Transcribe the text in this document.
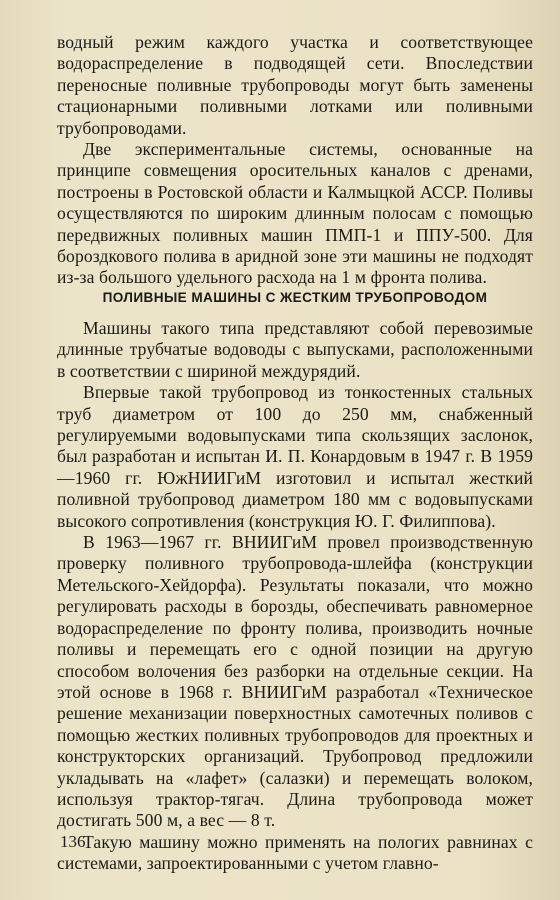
водный режим каждого участка и соответствующее водораспределение в подводящей сети. Впоследствии переносные поливные трубопроводы могут быть заменены стационарными поливными лотками или поливными трубопроводами.

Две экспериментальные системы, основанные на принципе совмещения оросительных каналов с дренами, построены в Ростовской области и Калмыцкой АССР. Поливы осуществляются по широким длинным полосам с помощью передвижных поливных машин ПМП-1 и ППУ-500. Для бороздкового полива в аридной зоне эти машины не подходят из-за большого удельного расхода на 1 м фронта полива.

ПОЛИВНЫЕ МАШИНЫ С ЖЕСТКИМ ТРУБОПРОВОДОМ

Машины такого типа представляют собой перевозимые длинные трубчатые водоводы с выпусками, расположенными в соответствии с шириной междурядий.

Впервые такой трубопровод из тонкостенных стальных труб диаметром от 100 до 250 мм, снабженный регулируемыми водовыпусками типа скользящих заслонок, был разработан и испытан И. П. Конардовым в 1947 г. В 1959—1960 гг. ЮжНИИГиМ изготовил и испытал жесткий поливной трубопровод диаметром 180 мм с водовыпусками высокого сопротивления (конструкция Ю. Г. Филиппова).

В 1963—1967 гг. ВНИИГиМ провел производственную проверку поливного трубопровода-шлейфа (конструкции Метельского-Хейдорфа). Результаты показали, что можно регулировать расходы в борозды, обеспечивать равномерное водораспределение по фронту полива, производить ночные поливы и перемещать его с одной позиции на другую способом волочения без разборки на отдельные секции. На этой основе в 1968 г. ВНИИГиМ разработал «Техническое решение механизации поверхностных самотечных поливов с помощью жестких поливных трубопроводов для проектных и конструкторских организаций. Трубопровод предложили укладывать на «лафет» (салазки) и перемещать волоком, используя трактор-тягач. Длина трубопровода может достигать 500 м, а вес — 8 т.

Такую машину можно применять на пологих равнинах с системами, запроектированными с учетом главно-

136
